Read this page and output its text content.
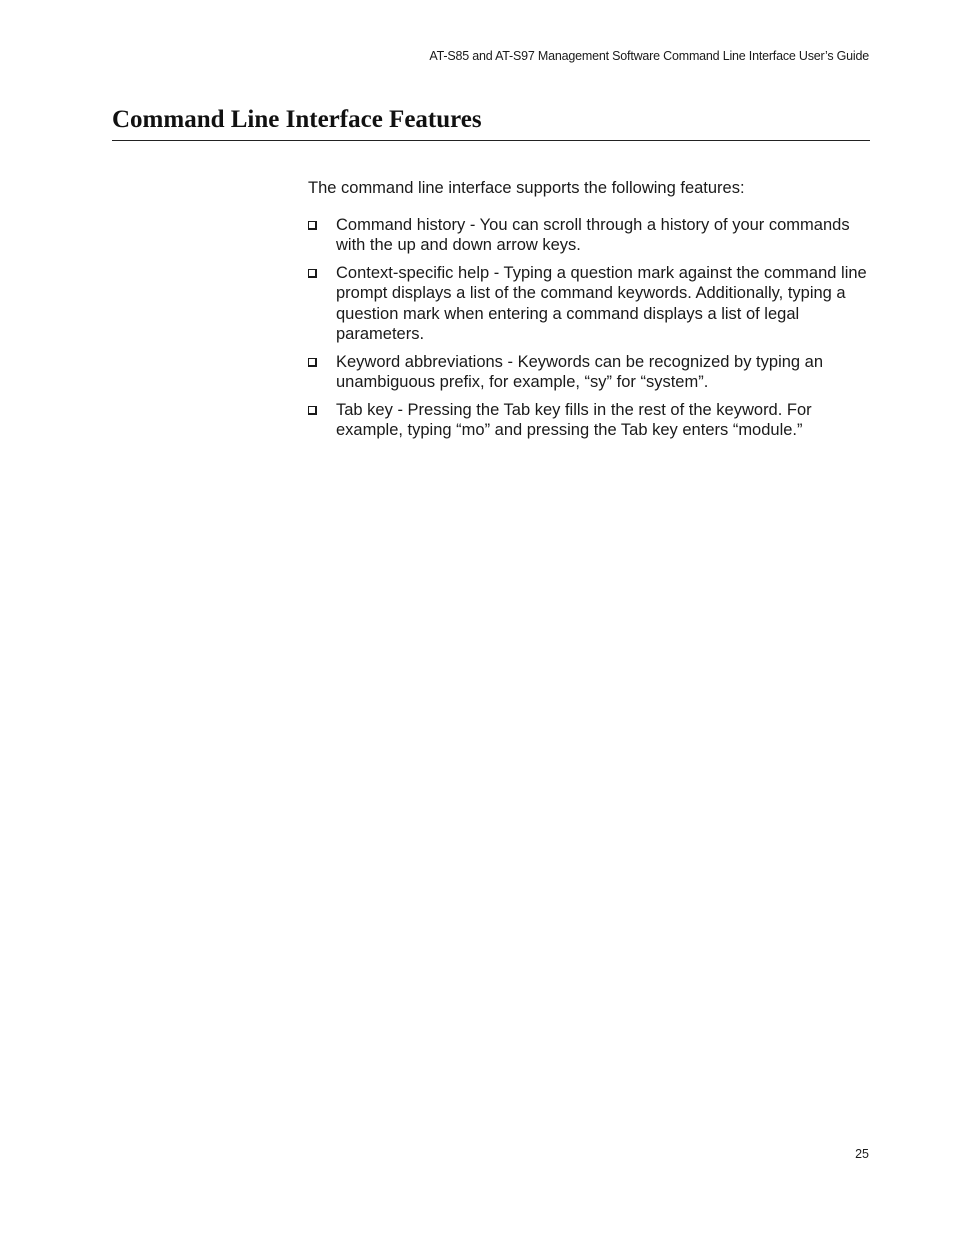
AT-S85 and AT-S97 Management Software Command Line Interface User’s Guide
Command Line Interface Features

The command line interface supports the following features:

Command history - You can scroll through a history of your commands with the up and down arrow keys.
Context-specific help - Typing a question mark against the command line prompt displays a list of the command keywords. Additionally, typing a question mark when entering a command displays a list of legal parameters.
Keyword abbreviations - Keywords can be recognized by typing an unambiguous prefix, for example, “sy” for “system”.
Tab key - Pressing the Tab key fills in the rest of the keyword. For example, typing “mo” and pressing the Tab key enters “module.”
25
